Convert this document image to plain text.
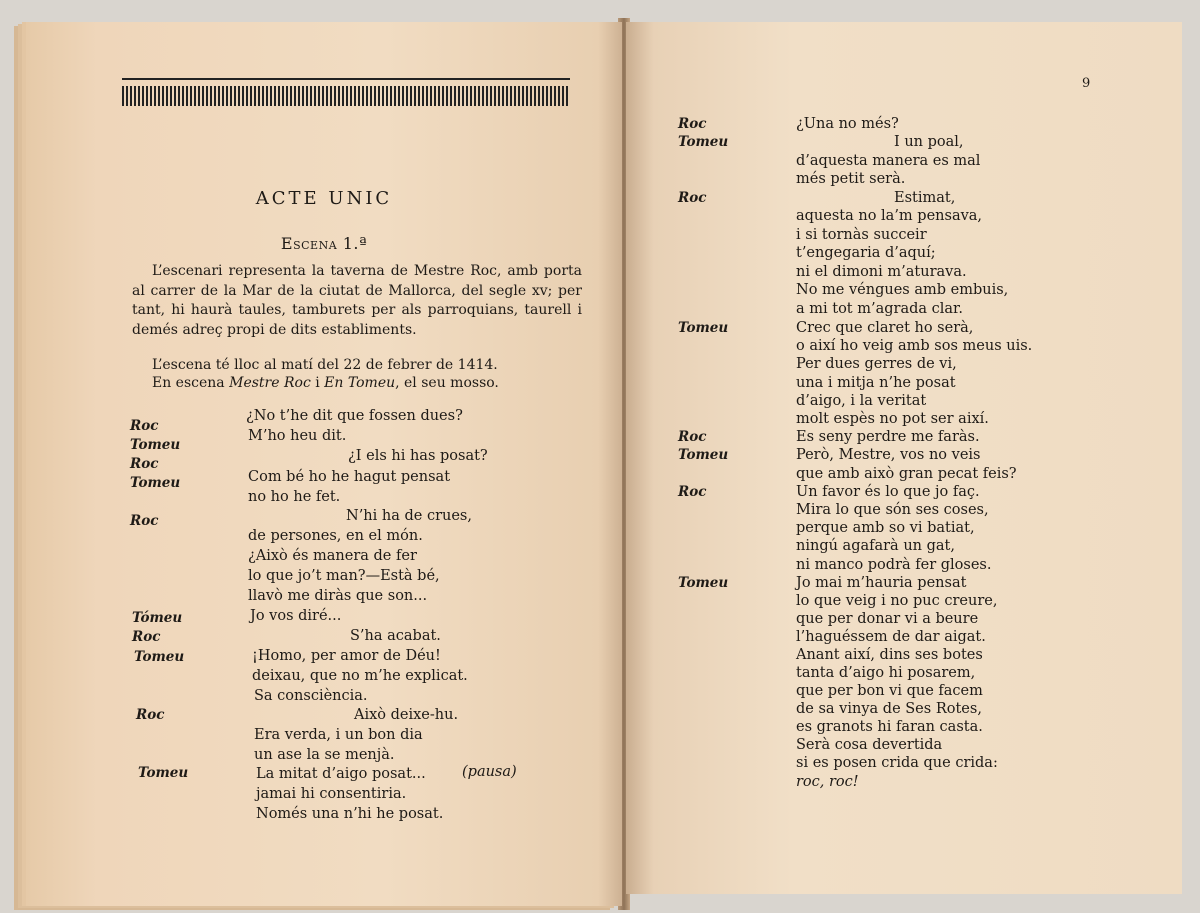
ACTE UNIC
Escena 1.ª
L’escenari representa la taverna de Mestre Roc, amb porta al carrer de la Mar de la ciutat de Mallorca, del segle xv; per tant, hi haurà taules, tamburets per als parroquians, taurell i demés adreç propi de dits establiments.
L’escena té lloc al matí del 22 de febrer de 1414.
En escena Mestre Roc i En Tomeu, el seu mosso.
Roc
Tomeu
Roc
Tomeu
Roc
Tómeu
Roc
Tomeu
Roc
Tomeu
¿No t’he dit que fossen dues?
M’ho heu dit.
¿I els hi has posat?
Com bé ho he hagut pensat
no ho he fet.
N’hi ha de crues,
de persones, en el món.
¿Això és manera de fer
lo que jo’t man?—Està bé,
llavò me diràs que son...
Jo vos diré...
S’ha acabat.
¡Homo, per amor de Déu!
deixau, que no m’he explicat.
Sa consciència.
Això deixe-hu.
Era verda, i un bon dia
un ase la se menjà.
La mitat d’aigo posat...	(pausa)
jamai hi consentiria.
Només una n’hi he posat.
9
Roc
Tomeu
Roc
Tomeu
Roc
Tomeu
Roc
Tomeu
¿Una no més?
I un poal,
d’aquesta manera es mal
més petit serà.
Estimat,
aquesta no la’m pensava,
i si tornàs succeir
t’engegaria d’aquí;
ni el dimoni m’aturava.
No me véngues amb embuis,
a mi tot m’agrada clar.
Crec que claret ho serà,
o així ho veig amb sos meus uis.
Per dues gerres de vi,
una i mitja n’he posat
d’aigo, i la veritat
molt espès no pot ser així.
Es seny perdre me faràs.
Però, Mestre, vos no veis
que amb això gran pecat feis?
Un favor és lo que jo faç.
Mira lo que són ses coses,
perque amb so vi batiat,
ningú agafarà un gat,
ni manco podrà fer gloses.
Jo mai m’hauria pensat
lo que veig i no puc creure,
que per donar vi a beure
l’haguéssem de dar aigat.
Anant així, dins ses botes
tanta d’aigo hi posarem,
que per bon vi que facem
de sa vinya de Ses Rotes,
es granots hi faran casta.
Serà cosa devertida
si es posen crida que crida:
roc, roc!
